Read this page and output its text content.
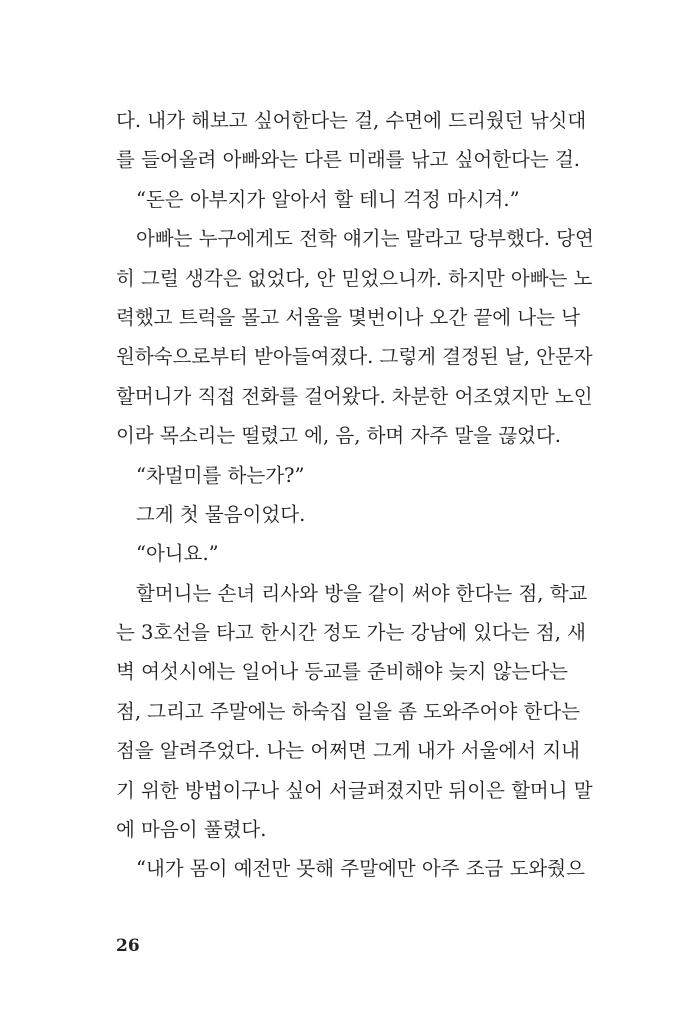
다. 내가 해보고 싶어한다는 걸, 수면에 드리웠던 낚싯대
를 들어올려 아빠와는 다른 미래를 낚고 싶어한다는 걸.
“돈은 아부지가 알아서 할 테니 걱정 마시겨.”
아빠는 누구에게도 전학 얘기는 말라고 당부했다. 당연
히 그럴 생각은 없었다, 안 믿었으니까. 하지만 아빠는 노
력했고 트럭을 몰고 서울을 몇번이나 오간 끝에 나는 낙
원하숙으로부터 받아들여졌다. 그렇게 결정된 날, 안문자
할머니가 직접 전화를 걸어왔다. 차분한 어조였지만 노인
이라 목소리는 떨렸고 에, 음, 하며 자주 말을 끊었다.
“차멀미를 하는가?”
그게 첫 물음이었다.
“아니요.”
할머니는 손녀 리사와 방을 같이 써야 한다는 점, 학교
는 3호선을 타고 한시간 정도 가는 강남에 있다는 점, 새
벽 여섯시에는 일어나 등교를 준비해야 늦지 않는다는
점, 그리고 주말에는 하숙집 일을 좀 도와주어야 한다는
점을 알려주었다. 나는 어쩌면 그게 내가 서울에서 지내
기 위한 방법이구나 싶어 서글퍼졌지만 뒤이은 할머니 말
에 마음이 풀렸다.
“내가 몸이 예전만 못해 주말에만 아주 조금 도와줬으
26
